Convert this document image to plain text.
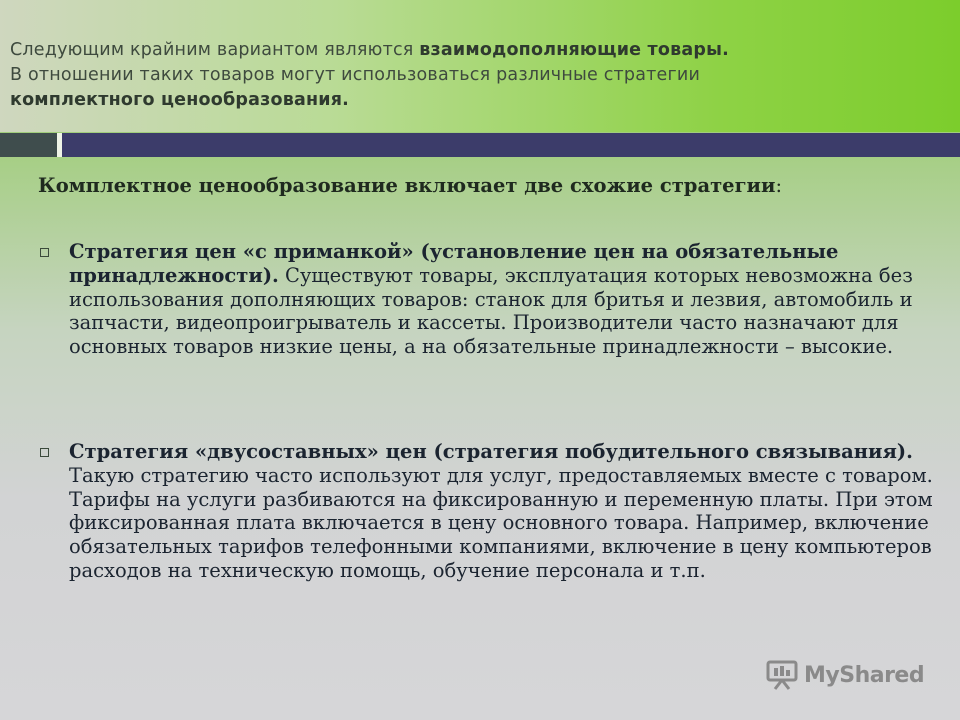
Следующим крайним вариантом являются взаимодополняющие товары.
В отношении таких товаров могут использоваться различные стратегии
комплектного ценообразования.
Комплектное ценообразование включает две схожие стратегии:
Стратегия цен «с приманкой» (установление цен на обязательные принадлежности). Существуют товары, эксплуатация которых невозможна без использования дополняющих товаров: станок для бритья и лезвия, автомобиль и запчасти, видеопроигрыватель и кассеты. Производители часто назначают для основных товаров низкие цены, а на обязательные принадлежности – высокие.
Стратегия «двусоставных» цен (стратегия побудительного связывания). Такую стратегию часто используют для услуг, предоставляемых вместе с товаром. Тарифы на услуги разбиваются на фиксированную и переменную платы. При этом фиксированная плата включается в цену основного товара. Например, включение обязательных тарифов телефонными компаниями, включение в цену компьютеров расходов на техническую помощь, обучение персонала и т.п.
MyShared
